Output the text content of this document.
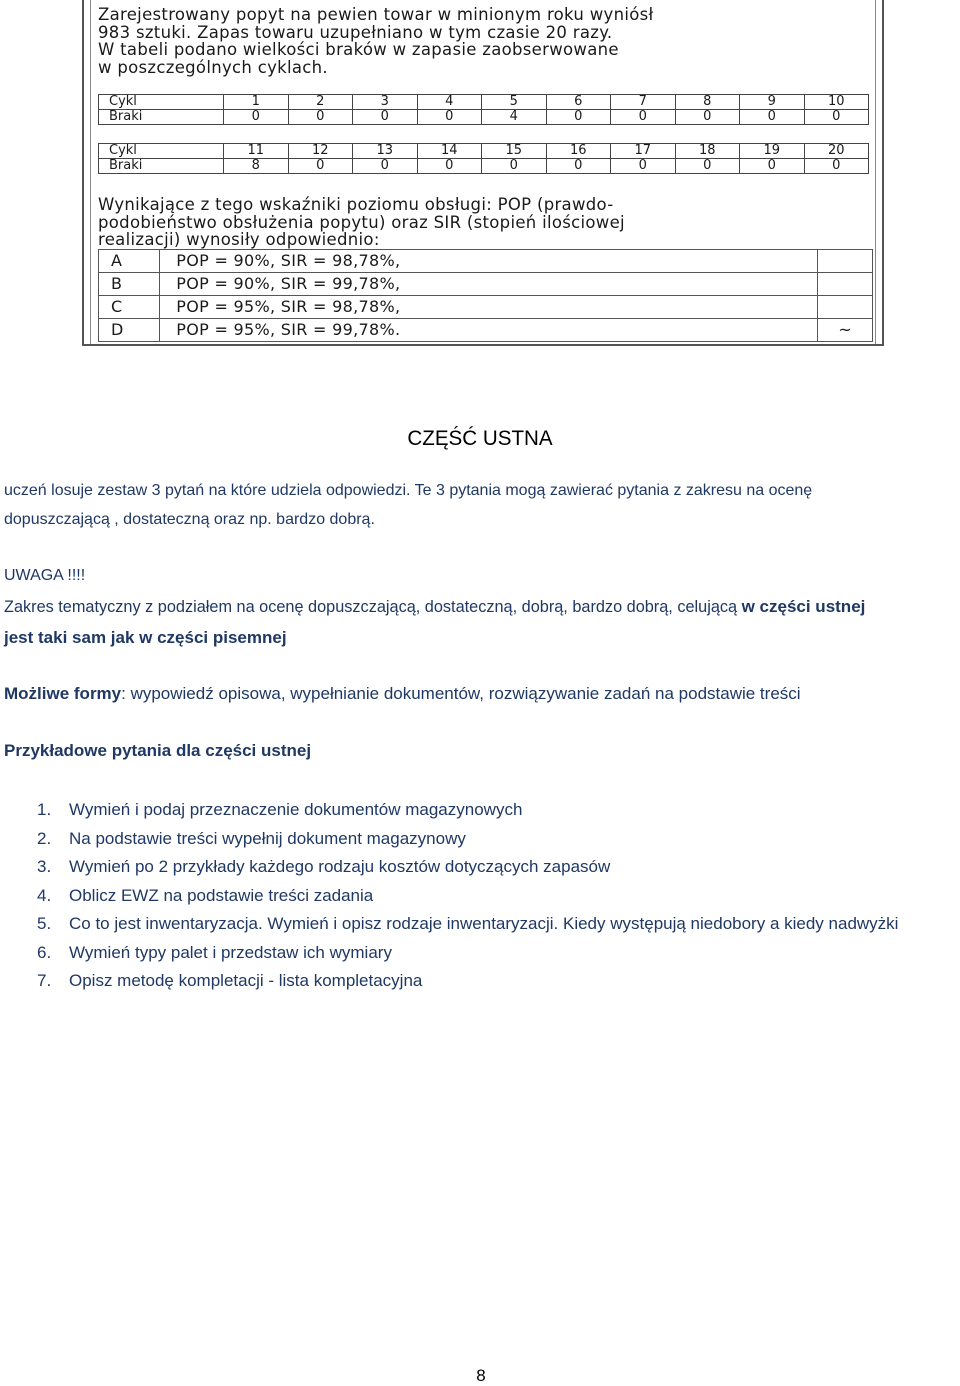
Zarejestrowany popyt na pewien towar w minionym roku wyniósł
983 sztuki. Zapas towaru uzupełniano w tym czasie 20 razy.
W tabeli podano wielkości braków w zapasie zaobserwowane
w poszczególnych cyklach.
Cykl	1	2	3	4	5	6	7	8	9	10
Braki	0	0	0	0	4	0	0	0	0	0
Cykl	11	12	13	14	15	16	17	18	19	20
Braki	8	0	0	0	0	0	0	0	0	0
Wynikające z tego wskaźniki poziomu obsługi: POP (prawdo-
podobieństwo obsłużenia popytu) oraz SIR (stopień ilościowej
realizacji) wynosiły odpowiednio:
A	POP = 90%, SIR = 98,78%,	
B	POP = 90%, SIR = 99,78%,	
C	POP = 95%, SIR = 98,78%,	
D	POP = 95%, SIR = 99,78%.	~
CZĘŚĆ USTNA
uczeń losuje zestaw 3 pytań na które udziela odpowiedzi. Te 3 pytania mogą zawierać pytania z zakresu na ocenę
dopuszczającą , dostateczną oraz np. bardzo dobrą.
UWAGA !!!!
Zakres tematyczny z podziałem na ocenę dopuszczającą, dostateczną, dobrą, bardzo dobrą, celującą w części ustnej
jest taki sam jak w części pisemnej
Możliwe formy: wypowiedź opisowa, wypełnianie dokumentów, rozwiązywanie zadań na podstawie treści
Przykładowe pytania dla części ustnej
1.	Wymień i podaj przeznaczenie dokumentów magazynowych
2.	Na podstawie treści wypełnij dokument magazynowy
3.	Wymień po 2 przykłady każdego rodzaju kosztów dotyczących zapasów
4.	Oblicz EWZ na podstawie treści zadania
5.	Co to jest inwentaryzacja. Wymień i opisz rodzaje inwentaryzacji. Kiedy występują niedobory a kiedy nadwyżki
6.	Wymień typy palet i przedstaw ich wymiary
7.	Opisz metodę kompletacji - lista kompletacyjna
8
